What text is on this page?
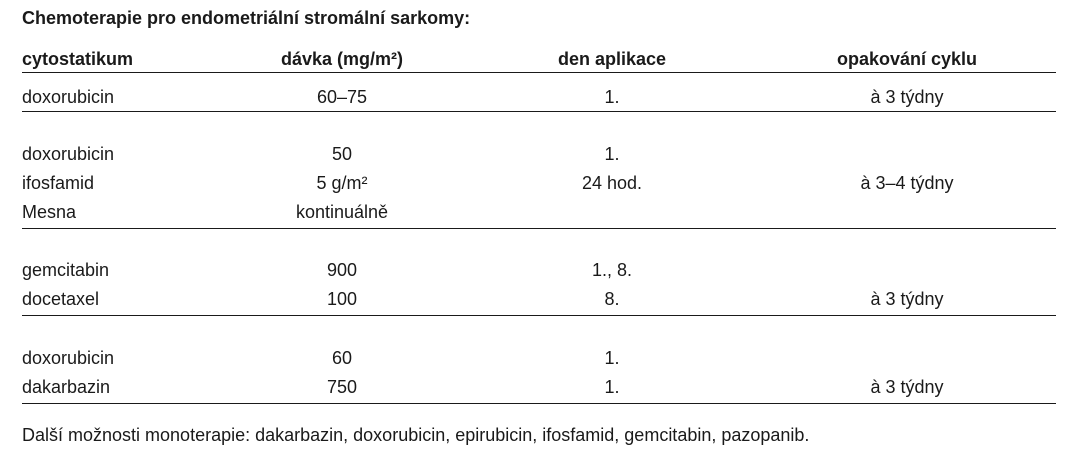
Chemoterapie pro endometriální stromální sarkomy:
cytostatikum	dávka (mg/m²)	den aplikace	opakování cyklu
doxorubicin	60–75	1.	à 3 týdny
doxorubicin	50	1.
ifosfamid	5 g/m²	24 hod.	à 3–4 týdny
Mesna	kontinuálně
gemcitabin	900	1., 8.
docetaxel	100	8.	à 3 týdny
doxorubicin	60	1.
dakarbazin	750	1.	à 3 týdny
Další možnosti monoterapie: dakarbazin, doxorubicin, epirubicin, ifosfamid, gemcitabin, pazopanib.
